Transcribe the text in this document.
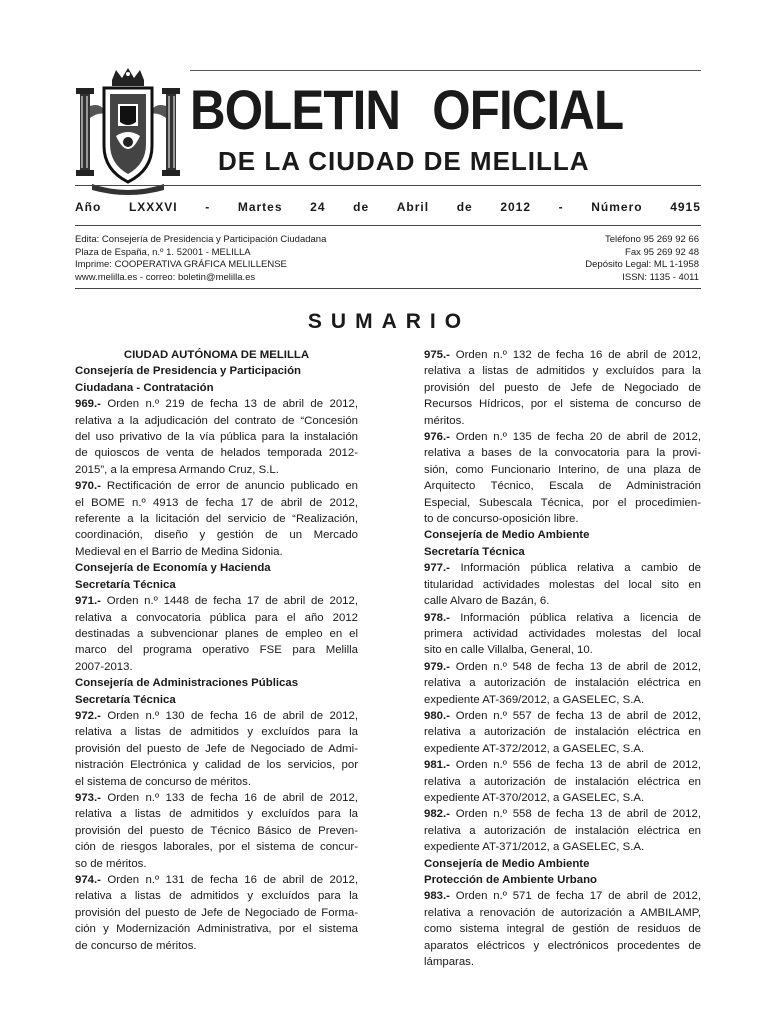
BOLETIN OFICIAL
DE LA CIUDAD DE MELILLA
Año LXXXVI - Martes 24 de Abril de 2012 - Número 4915
Edita: Consejería de Presidencia y Participación Ciudadana
Plaza de España, n.º 1. 52001 - MELILLA
Imprime: COOPERATIVA GRÁFICA MELILLENSE
www.melilla.es - correo: boletin@melilla.es
Teléfono 95 269 92 66
Fax 95 269 92 48
Depósito Legal: ML 1-1958
ISSN: 1135 - 4011
SUMARIO
CIUDAD AUTÓNOMA DE MELILLA
Consejería de Presidencia y Participación
Ciudadana - Contratación
969.- Orden n.º 219 de fecha 13 de abril de 2012,
relativa a la adjudicación del contrato de “Concesión
del uso privativo de la vía pública para la instalación
de quioscos de venta de helados temporada 2012-
2015”, a la empresa Armando Cruz, S.L.
970.- Rectificación de error de anuncio publicado en
el BOME n.º 4913 de fecha 17 de abril de 2012,
referente a la licitación del servicio de “Realización,
coordinación, diseño y gestión de un Mercado
Medieval en el Barrio de Medina Sidonia.
Consejería de Economía y Hacienda
Secretaría Técnica
971.- Orden n.º 1448 de fecha 17 de abril de 2012,
relativa a convocatoria pública para el año 2012
destinadas a subvencionar planes de empleo en el
marco del programa operativo FSE para Melilla
2007-2013.
Consejería de Administraciones Públicas
Secretaría Técnica
972.- Orden n.º 130 de fecha 16 de abril de 2012,
relativa a listas de admitidos y excluídos para la
provisión del puesto de Jefe de Negociado de Admi-
nistración Electrónica y calidad de los servicios, por
el sistema de concurso de méritos.
973.- Orden n.º 133 de fecha 16 de abril de 2012,
relativa a listas de admitidos y excluídos para la
provisión del puesto de Técnico Básico de Preven-
ción de riesgos laborales, por el sistema de concur-
so de méritos.
974.- Orden n.º 131 de fecha 16 de abril de 2012,
relativa a listas de admitidos y excluídos para la
provisión del puesto de Jefe de Negociado de Forma-
ción y Modernización Administrativa, por el sistema
de concurso de méritos.
975.- Orden n.º 132 de fecha 16 de abril de 2012,
relativa a listas de admitidos y excluídos para la
provisión del puesto de Jefe de Negociado de
Recursos Hídricos, por el sistema de concurso de
méritos.
976.- Orden n.º 135 de fecha 20 de abril de 2012,
relativa a bases de la convocatoria para la provi-
sión, como Funcionario Interino, de una plaza de
Arquitecto Técnico, Escala de Administración
Especial, Subescala Técnica, por el procedimien-
to de concurso-oposición libre.
Consejería de Medio Ambiente
Secretaría Técnica
977.- Información pública relativa a cambio de
titularidad actividades molestas del local sito en
calle Alvaro de Bazán, 6.
978.- Información pública relativa a licencia de
primera actividad actividades molestas del local
sito en calle Villalba, General, 10.
979.- Orden n.º 548 de fecha 13 de abril de 2012,
relativa a autorización de instalación eléctrica en
expediente AT-369/2012, a GASELEC, S.A.
980.- Orden n.º 557 de fecha 13 de abril de 2012,
relativa a autorización de instalación eléctrica en
expediente AT-372/2012, a GASELEC, S.A.
981.- Orden n.º 556 de fecha 13 de abril de 2012,
relativa a autorización de instalación eléctrica en
expediente AT-370/2012, a GASELEC, S.A.
982.- Orden n.º 558 de fecha 13 de abril de 2012,
relativa a autorización de instalación eléctrica en
expediente AT-371/2012, a GASELEC, S.A.
Consejería de Medio Ambiente
Protección de Ambiente Urbano
983.- Orden n.º 571 de fecha 17 de abril de 2012,
relativa a renovación de autorización a AMBILAMP,
como sistema integral de gestión de residuos de
aparatos eléctricos y electrónicos procedentes de
lámparas.
